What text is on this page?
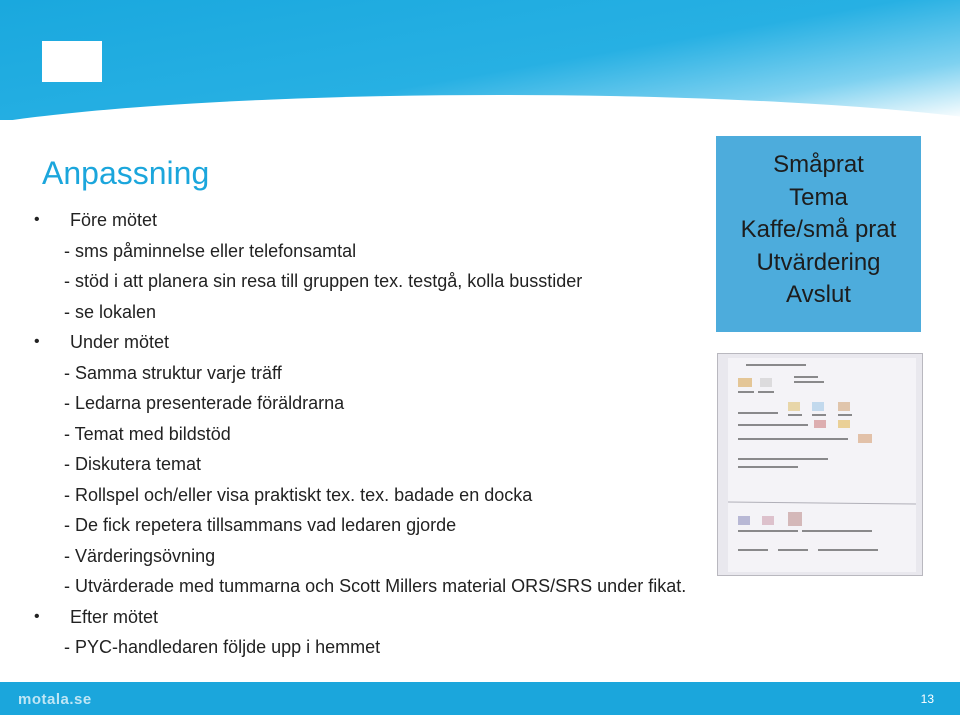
Anpassning
• Före mötet
- sms påminnelse eller telefonsamtal
- stöd i att planera sin resa till gruppen tex. testgå, kolla busstider
- se lokalen
• Under mötet
- Samma struktur varje träff
- Ledarna presenterade föräldrarna
- Temat med bildstöd
- Diskutera temat
- Rollspel och/eller visa praktiskt tex. tex. badade en docka
- De fick repetera tillsammans vad ledaren gjorde
- Värderingsövning
- Utvärderade med tummarna och Scott Millers material ORS/SRS under fikat.
• Efter mötet
- PYC-handledaren följde upp i hemmet
Småprat
Tema
Kaffe/små prat
Utvärdering
Avslut
motala.se	13
